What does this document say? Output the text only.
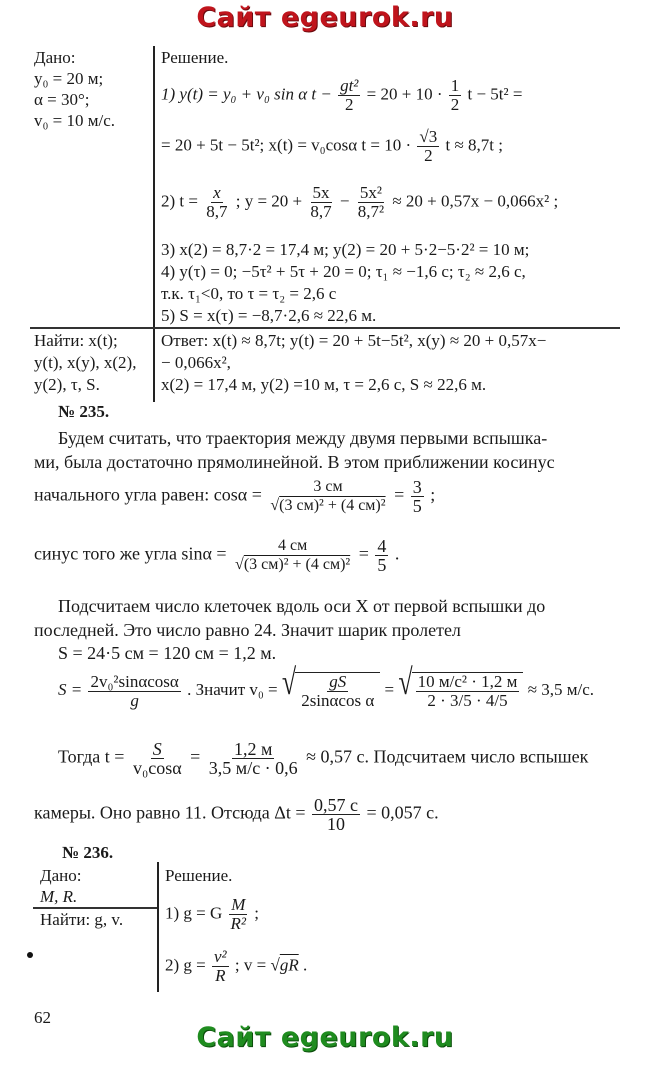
Сайт egeurok.ru
Дано:
y₀ = 20 м;
α = 30°;
v₀ = 10 м/с.
Решение.
1) y(t) = y₀ + v₀ sin α $t - \frac{\text{gt²}}{2} = 20 + 10 \cdot \frac{1}{2}$ t − 5t² =
= 20 + 5t − 5t²; x(t) = v₀cosα $t = 10 \cdot \frac{√3}{2}$ t ≈ 8,7t ;
2) $t = \frac{x}{8,7}$ ; $y = 20 + \frac{5x}{8,7} - \frac{\text{5x²}}{\text{8,7²}} \approx 20 + 0,57x - 0,066x^2$ ;
3) x(2) = 8,7·2 = 17,4 м; y(2) = 20 + 5·2−5·2² = 10 м;
4) y(τ) = 0; −5τ² + 5τ + 20 = 0; τ₁ ≈ −1,6 с; τ₂ ≈ 2,6 с,
т.к. τ₁<0, то τ = τ₂ = 2,6 с
5) S = x(τ) = −8,7·2,6 ≈ 22,6 м.
Найти: x(t);
y(t), x(y), x(2),
y(2), τ, S.
Ответ: x(t) ≈ 8,7t; y(t) = 20 + 5t−5t², x(y) ≈ 20 + 0,57x−
− 0,066x²,
x(2) = 17,4 м, y(2) =10 м, τ = 2,6 с, S ≈ 22,6 м.
№ 235.
Будем считать, что траектория между двумя первыми вспышка-
ми, была достаточно прямолинейной. В этом приближении косинус
начального угла равен: $\cos\alpha = \frac{3 см}{\text{√(3 см)² + (4 см)²}} = \frac{3}{5}$ ;
синус того же угла $\sin\alpha = \frac{4 см}{\text{√(3 см)² + (4 см)²}} = \frac{4}{5}$ .
Подсчитаем число клеточек вдоль оси X от первой вспышки до
последней. Это число равно 24. Значит шарик пролетел
S = 24·5 см = 120 см = 1,2 м.
$S = \frac{\text{2v₀²sinαcosα}}{g}$ . Значит v₀ = √ $\frac{gS}{\text{2sinαcos α}}$ = √ $\frac{\text{10 м/с² · 1,2 м}}{2 \cdot 3/5 \cdot 4/5} \approx 3,5$ м/с.
Тогда $t = \frac{S}{\text{v₀cosα}} = \frac{1,2 м}{3,5 м/с \cdot 0,6} \approx 0,57$ с. Подсчитаем число вспышек
камеры. Оно равно 11. Отсюда $\Delta t = \frac{0,57 с}{10} = 0,057$ с.
№ 236.
Дано:
M, R.
Найти: g, v.
Решение.
1) g = G $\frac{M}{\text{R²}}$ ;
2) $g = \frac{\text{v²}}{R}$ ; v = √gR .
62
Сайт egeurok.ru
